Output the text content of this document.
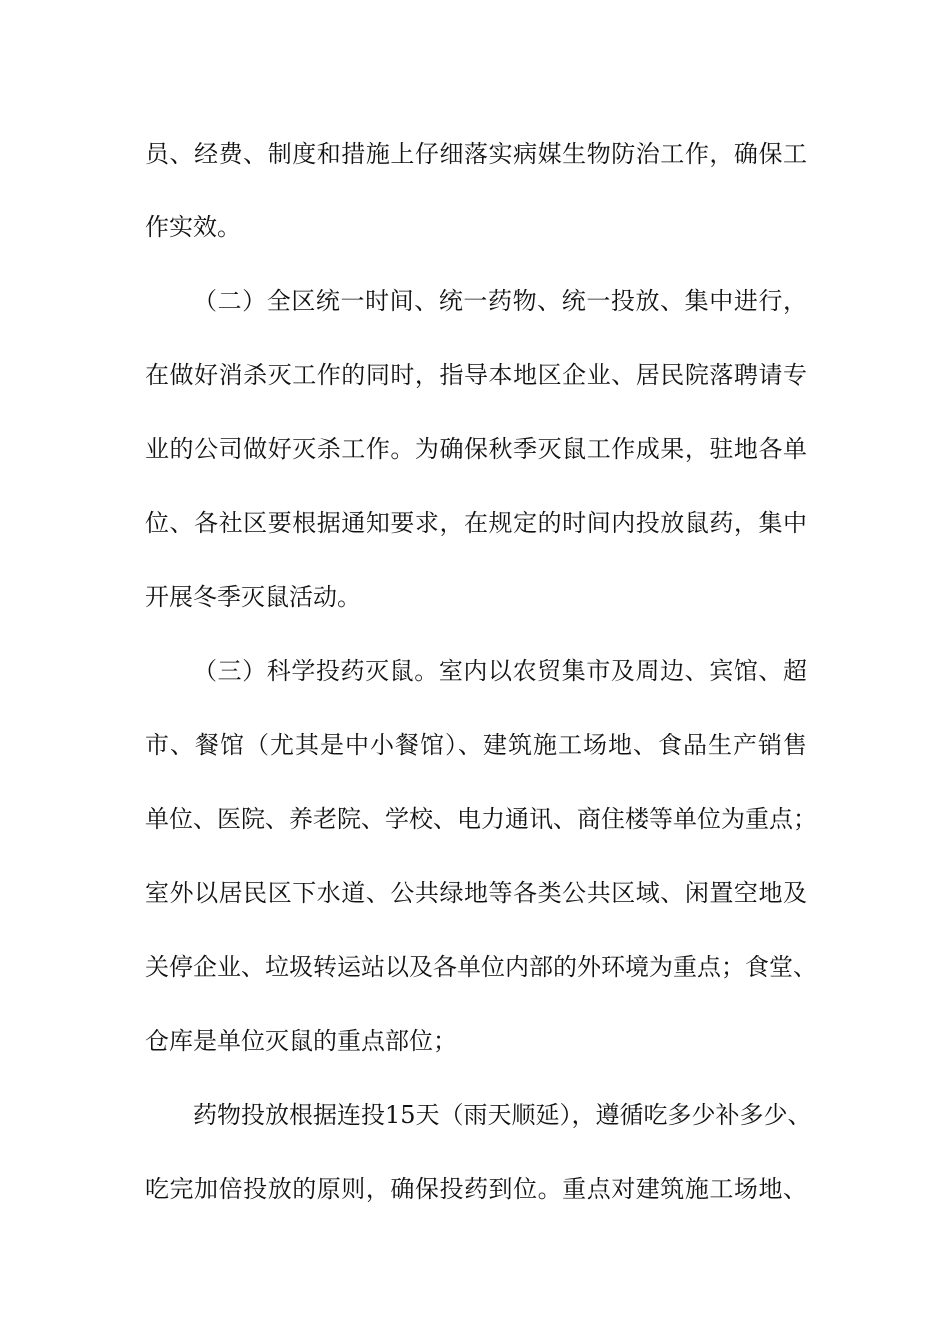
员、经费、制度和措施上仔细落实病媒生物防治工作，确保工
作实效。
（二）全区统一时间、统一药物、统一投放、集中进行，
在做好消杀灭工作的同时，指导本地区企业、居民院落聘请专
业的公司做好灭杀工作。为确保秋季灭鼠工作成果，驻地各单
位、各社区要根据通知要求，在规定的时间内投放鼠药，集中
开展冬季灭鼠活动。
（三）科学投药灭鼠。室内以农贸集市及周边、宾馆、超
市、餐馆（尤其是中小餐馆）、建筑施工场地、食品生产销售
单位、医院、养老院、学校、电力通讯、商住楼等单位为重点；
室外以居民区下水道、公共绿地等各类公共区域、闲置空地及
关停企业、垃圾转运站以及各单位内部的外环境为重点；食堂、
仓库是单位灭鼠的重点部位；
药物投放根据连投15天（雨天顺延），遵循吃多少补多少、
吃完加倍投放的原则，确保投药到位。重点对建筑施工场地、
